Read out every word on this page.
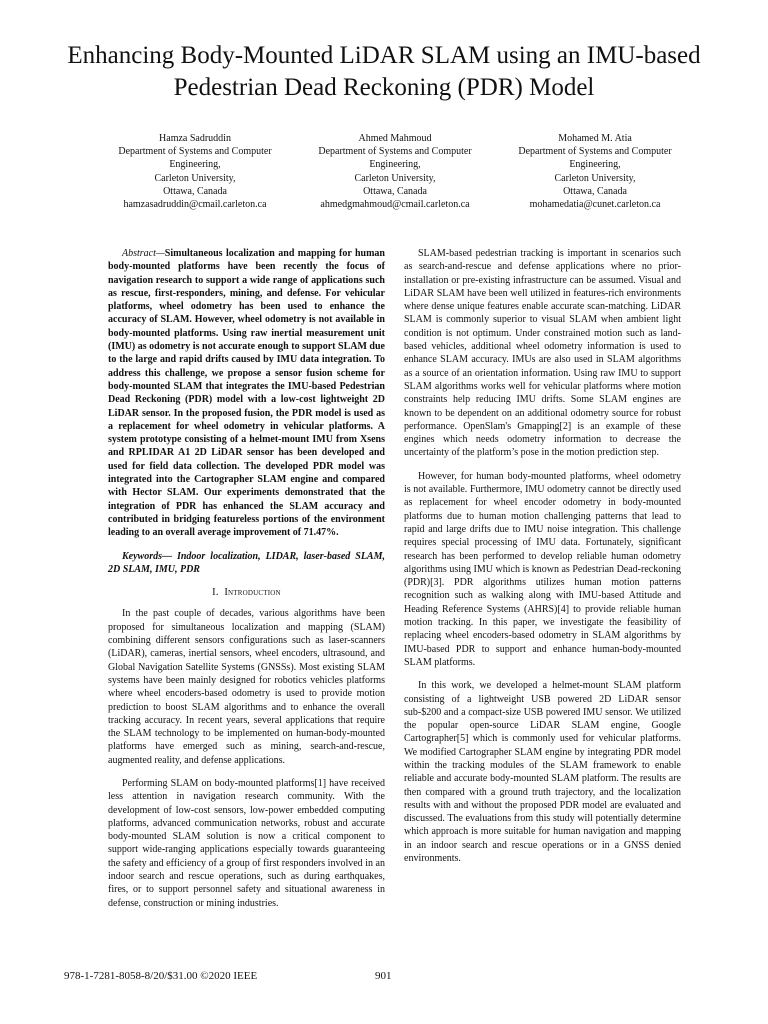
Enhancing Body-Mounted LiDAR SLAM using an IMU-based Pedestrian Dead Reckoning (PDR) Model
Hamza Sadruddin
Department of Systems and Computer Engineering,
Carleton University,
Ottawa, Canada
hamzasadruddin@cmail.carleton.ca
Ahmed Mahmoud
Department of Systems and Computer Engineering,
Carleton University,
Ottawa, Canada
ahmedgmahmoud@cmail.carleton.ca
Mohamed M. Atia
Department of Systems and Computer Engineering,
Carleton University,
Ottawa, Canada
mohamedatia@cunet.carleton.ca

Abstract—Simultaneous localization and mapping for human body-mounted platforms have been recently the focus of navigation research to support a wide range of applications such as rescue, first-responders, mining, and defense. For vehicular platforms, wheel odometry has been used to enhance the accuracy of SLAM. However, wheel odometry is not available in body-mounted platforms. Using raw inertial measurement unit (IMU) as odometry is not accurate enough to support SLAM due to the large and rapid drifts caused by IMU data integration. To address this challenge, we propose a sensor fusion scheme for body-mounted SLAM that integrates the IMU-based Pedestrian Dead Reckoning (PDR) model with a low-cost lightweight 2D LiDAR sensor. In the proposed fusion, the PDR model is used as a replacement for wheel odometry in vehicular platforms. A system prototype consisting of a helmet-mount IMU from Xsens and RPLIDAR A1 2D LiDAR sensor has been developed and used for field data collection. The developed PDR model was integrated into the Cartographer SLAM engine and compared with Hector SLAM. Our experiments demonstrated that the integration of PDR has enhanced the SLAM accuracy and contributed in bridging featureless portions of the environment leading to an overall average improvement of 71.47%.

Keywords— Indoor localization, LIDAR, laser-based SLAM, 2D SLAM, IMU, PDR

I. Introduction

In the past couple of decades, various algorithms have been proposed for simultaneous localization and mapping (SLAM) combining different sensors configurations such as laser-scanners (LiDAR), cameras, inertial sensors, wheel encoders, ultrasound, and Global Navigation Satellite Systems (GNSSs). Most existing SLAM systems have been mainly designed for robotics vehicles platforms where wheel encoders-based odometry is used to provide motion prediction to boost SLAM algorithms and to enhance the overall tracking accuracy. In recent years, several applications that require the SLAM technology to be implemented on human-body-mounted platforms have emerged such as mining, search-and-rescue, augmented reality, and defense applications.

Performing SLAM on body-mounted platforms[1] have received less attention in navigation research community. With the development of low-cost sensors, low-power embedded computing platforms, advanced communication networks, robust and accurate body-mounted SLAM solution is now a critical component to support wide-ranging applications especially towards guaranteeing the safety and efficiency of a group of first responders involved in an indoor search and rescue operations, such as during earthquakes, fires, or to support personnel safety and situational awareness in defense, construction or mining industries.

SLAM-based pedestrian tracking is important in scenarios such as search-and-rescue and defense applications where no prior-installation or pre-existing infrastructure can be assumed. Visual and LiDAR SLAM have been well utilized in features-rich environments where dense unique features enable accurate scan-matching. LiDAR SLAM is commonly superior to visual SLAM when ambient light condition is not optimum. Under constrained motion such as land-based vehicles, additional wheel odometry information is used to enhance SLAM accuracy. IMUs are also used in SLAM algorithms as a source of an orientation information. Using raw IMU to support SLAM algorithms works well for vehicular platforms where motion constraints help reducing IMU drifts. Some SLAM engines are known to be dependent on an additional odometry source for robust performance. OpenSlam's Gmapping[2] is an example of these engines which needs odometry information to decrease the uncertainty of the platform’s pose in the motion prediction step.

However, for human body-mounted platforms, wheel odometry is not available. Furthermore, IMU odometry cannot be directly used as replacement for wheel encoder odometry in body-mounted platforms due to human motion challenging patterns that lead to rapid and large drifts due to IMU noise integration. This challenge requires special processing of IMU data. Fortunately, significant research has been performed to develop reliable human odometry algorithms using IMU which is known as Pedestrian Dead-reckoning (PDR)[3]. PDR algorithms utilizes human motion patterns recognition such as walking along with IMU-based Attitude and Heading Reference Systems (AHRS)[4] to provide reliable human motion tracking. In this paper, we investigate the feasibility of replacing wheel encoders-based odometry in SLAM algorithms by IMU-based PDR to support and enhance human-body-mounted SLAM platforms.

In this work, we developed a helmet-mount SLAM platform consisting of a lightweight USB powered 2D LiDAR sensor sub-$200 and a compact-size USB powered IMU sensor. We utilized the popular open-source LiDAR SLAM engine, Google Cartographer[5] which is commonly used for vehicular platforms. We modified Cartographer SLAM engine by integrating PDR model within the tracking modules of the SLAM framework to enable reliable and accurate body-mounted SLAM platform. The results are then compared with a ground truth trajectory, and the localization results with and without the proposed PDR model are evaluated and discussed. The evaluations from this study will potentially determine which approach is more suitable for human navigation and mapping in an indoor search and rescue operations or in a GNSS denied environments.

978-1-7281-8058-8/20/$31.00 ©2020 IEEE	901
